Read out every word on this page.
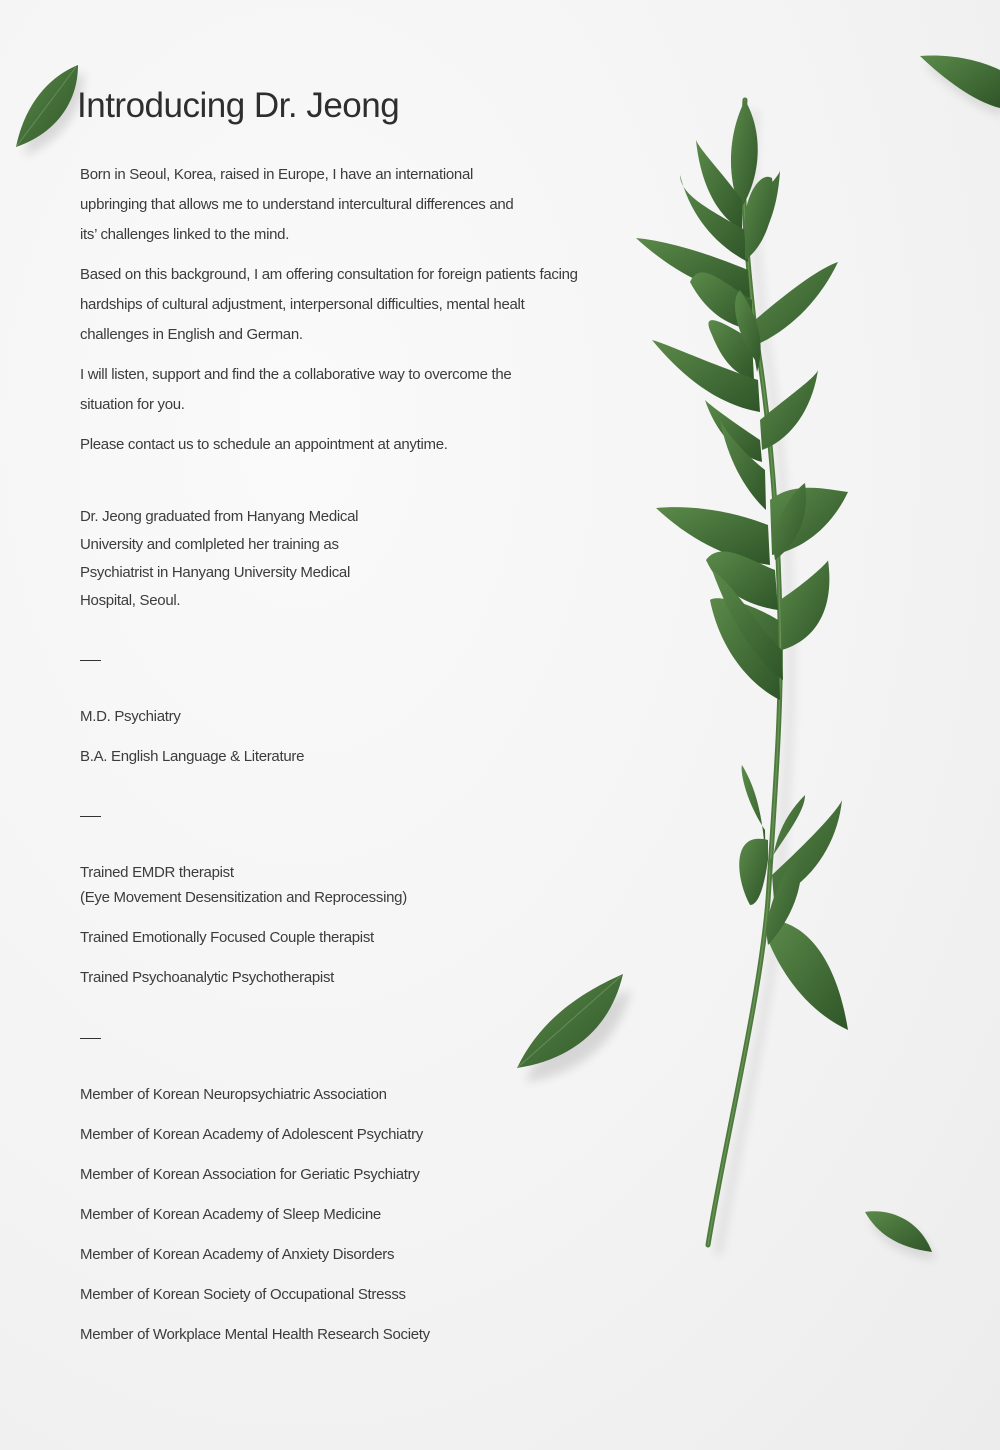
Introducing Dr. Jeong

Born in Seoul, Korea, raised in Europe, I have an international upbringing that allows me to understand intercultural differences and its’ challenges linked to the mind.

Based on this background, I am offering consultation for foreign patients facing hardships of cultural adjustment, interpersonal difficulties, mental healt challenges in English and German.

I will listen, support and find the a collaborative way to overcome the situation for you.

Please contact us to schedule an appointment at anytime.

Dr. Jeong graduated from Hanyang Medical University and comlpleted her training as Psychiatrist in Hanyang University Medical Hospital, Seoul.

M.D. Psychiatry
B.A. English Language & Literature
Trained EMDR therapist
(Eye Movement Desensitization and Reprocessing)
Trained Emotionally Focused Couple therapist
Trained Psychoanalytic Psychotherapist
Member of Korean Neuropsychiatric Association
Member of Korean Academy of Adolescent Psychiatry
Member of Korean Association for Geriatic Psychiatry
Member of Korean Academy of Sleep Medicine
Member of Korean Academy of Anxiety Disorders
Member of Korean Society of Occupational Stresss
Member of Workplace Mental Health Research Society
